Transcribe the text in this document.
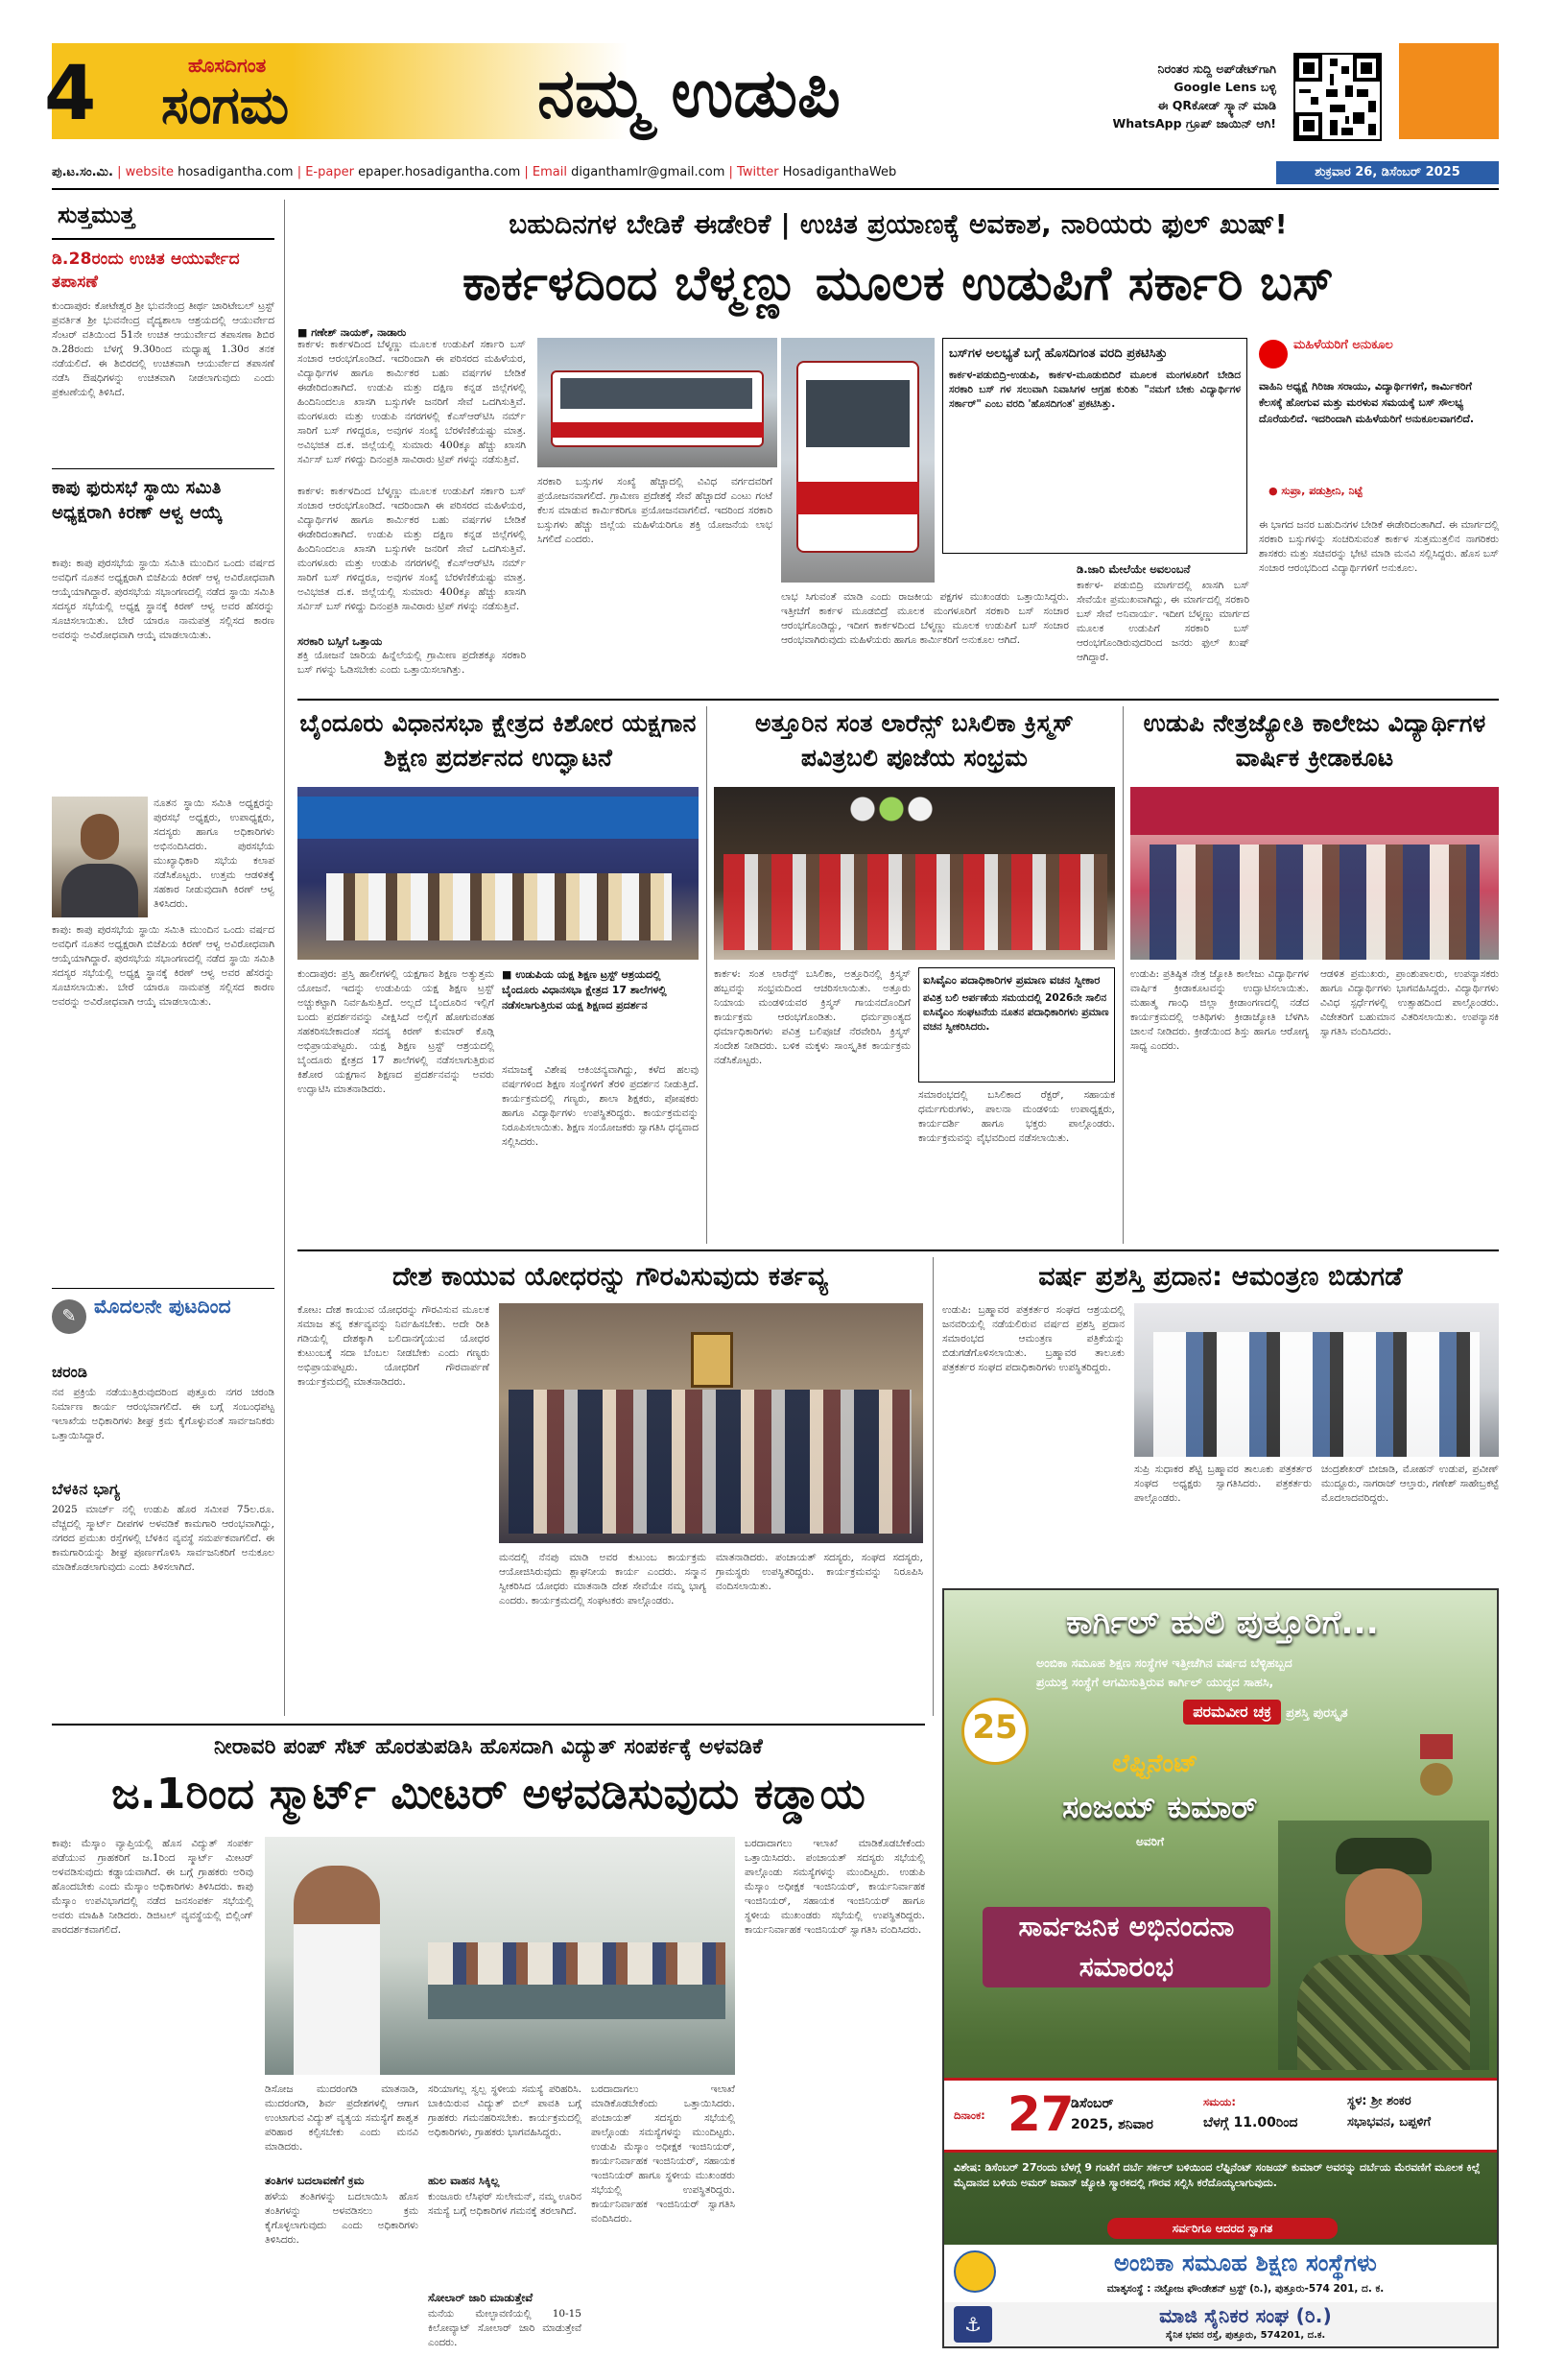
4	ಹೊಸದಿಗಂತ
ಸಂಗಮ	ನಮ್ಮ ಉಡುಪಿ	ನಿರಂತರ ಸುದ್ದಿ ಅಪ್‌ಡೇಟ್‌ಗಾಗಿ
Google Lens ಬಳ್ಳಿ
ಈ QRಕೋಡ್ ಸ್ಕ್ಯಾನ್ ಮಾಡಿ
WhatsApp ಗ್ರೂಪ್ ಜಾಯಿನ್ ಆಗಿ!
ಪು.ಟ.ಸಂ.ಮಿ. | website hosadigantha.com | E-paper epaper.hosadigantha.com | Email diganthamlr@gmail.com | Twitter HosadiganthaWeb	ಶುಕ್ರವಾರ 26, ಡಿಸೆಂಬರ್ 2025
ಸುತ್ತಮುತ್ತ
ಡಿ.28ರಂದು ಉಚಿತ ಆಯುರ್ವೇದ ತಪಾಸಣೆ
ಕುಂದಾಪುರ: ಕೋಟೇಶ್ವರ ಶ್ರೀ ಭುವನೇಂದ್ರ ತೀರ್ಥ ಚಾರಿಟೇಬಲ್ ಟ್ರಸ್ಟ್ ಪ್ರವರ್ತಿತ ಶ್ರೀ ಭುವನೇಂದ್ರ ವೈದ್ಯಶಾಲಾ ಆಶ್ರಯದಲ್ಲಿ ಆಯುರ್ವೇದ ಸೆಂಟರ್ ವತಿಯಿಂದ 51ನೇ ಉಚಿತ ಆಯುರ್ವೇದ ತಪಾಸಣಾ ಶಿಬಿರ ಡಿ.28ರಂದು ಬೆಳಗ್ಗೆ 9.30ರಿಂದ ಮಧ್ಯಾಹ್ನ 1.30ರ ತನಕ ನಡೆಯಲಿದೆ. ಈ ಶಿಬಿರದಲ್ಲಿ ಉಚಿತವಾಗಿ ಆಯುರ್ವೇದ ತಪಾಸಣೆ ನಡೆಸಿ ಔಷಧಿಗಳನ್ನು ಉಚಿತವಾಗಿ ನೀಡಲಾಗುವುದು ಎಂದು ಪ್ರಕಟಣೆಯಲ್ಲಿ ತಿಳಿಸಿದೆ.
ಕಾಪು ಫುರುಸಭೆ ಸ್ಥಾಯಿ ಸಮಿತಿ ಅಧ್ಯಕ್ಷರಾಗಿ ಕಿರಣ್ ಆಳ್ವ ಆಯ್ಕೆ
ಕಾಪು: ಕಾಪು ಪುರಸಭೆಯ ಸ್ಥಾಯಿ ಸಮಿತಿ ಮುಂದಿನ ಒಂದು ವರ್ಷದ ಅವಧಿಗೆ ನೂತನ ಅಧ್ಯಕ್ಷರಾಗಿ ಬಿಜೆಪಿಯ ಕಿರಣ್ ಆಳ್ವ ಅವಿರೋಧವಾಗಿ ಆಯ್ಕೆಯಾಗಿದ್ದಾರೆ. ಪುರಸಭೆಯ ಸಭಾಂಗಣದಲ್ಲಿ ನಡೆದ ಸ್ಥಾಯಿ ಸಮಿತಿ ಸದಸ್ಯರ ಸಭೆಯಲ್ಲಿ ಅಧ್ಯಕ್ಷ ಸ್ಥಾನಕ್ಕೆ ಕಿರಣ್ ಆಳ್ವ ಅವರ ಹೆಸರನ್ನು ಸೂಚಿಸಲಾಯಿತು. ಬೇರೆ ಯಾರೂ ನಾಮಪತ್ರ ಸಲ್ಲಿಸದ ಕಾರಣ ಅವರನ್ನು ಅವಿರೋಧವಾಗಿ ಆಯ್ಕೆ ಮಾಡಲಾಯಿತು.
ನೂತನ ಸ್ಥಾಯಿ ಸಮಿತಿ ಅಧ್ಯಕ್ಷರನ್ನು ಪುರಸಭೆ ಅಧ್ಯಕ್ಷರು, ಉಪಾಧ್ಯಕ್ಷರು, ಸದಸ್ಯರು ಹಾಗೂ ಅಧಿಕಾರಿಗಳು ಅಭಿನಂದಿಸಿದರು. ಪುರಸಭೆಯ ಮುಖ್ಯಾಧಿಕಾರಿ ಸಭೆಯ ಕಲಾಪ ನಡೆಸಿಕೊಟ್ಟರು. ಉತ್ತಮ ಆಡಳಿತಕ್ಕೆ ಸಹಕಾರ ನೀಡುವುದಾಗಿ ಕಿರಣ್ ಆಳ್ವ ತಿಳಿಸಿದರು.
ಕಾಪು: ಕಾಪು ಪುರಸಭೆಯ ಸ್ಥಾಯಿ ಸಮಿತಿ ಮುಂದಿನ ಒಂದು ವರ್ಷದ ಅವಧಿಗೆ ನೂತನ ಅಧ್ಯಕ್ಷರಾಗಿ ಬಿಜೆಪಿಯ ಕಿರಣ್ ಆಳ್ವ ಅವಿರೋಧವಾಗಿ ಆಯ್ಕೆಯಾಗಿದ್ದಾರೆ. ಪುರಸಭೆಯ ಸಭಾಂಗಣದಲ್ಲಿ ನಡೆದ ಸ್ಥಾಯಿ ಸಮಿತಿ ಸದಸ್ಯರ ಸಭೆಯಲ್ಲಿ ಅಧ್ಯಕ್ಷ ಸ್ಥಾನಕ್ಕೆ ಕಿರಣ್ ಆಳ್ವ ಅವರ ಹೆಸರನ್ನು ಸೂಚಿಸಲಾಯಿತು. ಬೇರೆ ಯಾರೂ ನಾಮಪತ್ರ ಸಲ್ಲಿಸದ ಕಾರಣ ಅವರನ್ನು ಅವಿರೋಧವಾಗಿ ಆಯ್ಕೆ ಮಾಡಲಾಯಿತು.
✎ ಮೊದಲನೇ ಪುಟದಿಂದ
ಚರಂಡಿ
ನವ ಪ್ರಕ್ರಿಯೆ ನಡೆಯುತ್ತಿರುವುದರಿಂದ ಪುತ್ತೂರು ನಗರ ಚರಂಡಿ ನಿರ್ಮಾಣ ಕಾರ್ಯ ಆರಂಭವಾಗಲಿದೆ. ಈ ಬಗ್ಗೆ ಸಂಬಂಧಪಟ್ಟ ಇಲಾಖೆಯ ಅಧಿಕಾರಿಗಳು ಶೀಘ್ರ ಕ್ರಮ ಕೈಗೊಳ್ಳುವಂತೆ ಸಾರ್ವಜನಿಕರು ಒತ್ತಾಯಿಸಿದ್ದಾರೆ.
ಬೆಳಕಿನ ಭಾಗ್ಯ
2025 ಮಾರ್ಚ್ ನಲ್ಲಿ ಉಡುಪಿ ಹೊರ ಸಮೀಪ 75ಲ.ರೂ. ವೆಚ್ಚದಲ್ಲಿ ಸ್ಮಾರ್ಟ್ ದೀಪಗಳ ಅಳವಡಿಕೆ ಕಾಮಗಾರಿ ಆರಂಭವಾಗಿದ್ದು, ನಗರದ ಪ್ರಮುಖ ರಸ್ತೆಗಳಲ್ಲಿ ಬೆಳಕಿನ ವ್ಯವಸ್ಥೆ ಸಮರ್ಪಕವಾಗಲಿದೆ. ಈ ಕಾಮಗಾರಿಯನ್ನು ಶೀಘ್ರ ಪೂರ್ಣಗೊಳಿಸಿ ಸಾರ್ವಜನಿಕರಿಗೆ ಅನುಕೂಲ ಮಾಡಿಕೊಡಲಾಗುವುದು ಎಂದು ತಿಳಿಸಲಾಗಿದೆ.
ಬಹುದಿನಗಳ ಬೇಡಿಕೆ ಈಡೇರಿಕೆ | ಉಚಿತ ಪ್ರಯಾಣಕ್ಕೆ ಅವಕಾಶ, ನಾರಿಯರು ಫುಲ್ ಖುಷ್!
ಕಾರ್ಕಳದಿಂದ ಬೆಳ್ಮಣ್ಣು ಮೂಲಕ ಉಡುಪಿಗೆ ಸರ್ಕಾರಿ ಬಸ್
■ ಗಣೇಶ್ ನಾಯಕ್, ನಾಡಾರು
KSRTC
ಬಸ್‌ಗಳ ಅಲಭ್ಯತೆ ಬಗ್ಗೆ ಹೊಸದಿಗಂತ ವರದಿ ಪ್ರಕಟಿಸಿತ್ತು
ಕಾರ್ಕಳ-ಪಡುಬಿದ್ರಿ-ಉಡುಪಿ, ಕಾರ್ಕಳ-ಮೂಡುಬಿದಿರೆ ಮೂಲಕ ಮಂಗಳೂರಿಗೆ ಬೇಡಿದ ಸರಕಾರಿ ಬಸ್ ಗಳ ಸಲುವಾಗಿ ನಿವಾಸಿಗಳ ಆಗ್ರಹ ಕುರಿತು "ನಮಗೆ ಬೇಕು ವಿದ್ಯಾರ್ಥಿಗಳ ಸರ್ಕಾರ್" ಎಂಬ ವರದಿ 'ಹೊಸದಿಗಂತ' ಪ್ರಕಟಿಸಿತ್ತು.
ಮಹಿಳೆಯರಿಗೆ ಅನುಕೂಲ
ವಾಹಿನಿ ಅಧ್ಯಕ್ಷೆ ಗಿರಿಜಾ ಸರಾಯು, ವಿದ್ಯಾರ್ಥಿಗಳಿಗೆ, ಕಾರ್ಮಿಕರಿಗೆ ಕೆಲಸಕ್ಕೆ ಹೋಗುವ ಮತ್ತು ಮರಳುವ ಸಮಯಕ್ಕೆ ಬಸ್ ಸೌಲಭ್ಯ ದೊರೆಯಲಿದೆ. ಇದರಿಂದಾಗಿ ಮಹಿಳೆಯರಿಗೆ ಅನುಕೂಲವಾಗಲಿದೆ.
● ಸುಪ್ರಾ, ಪಡುಶ್ರೀನಿ, ನಿಟ್ಟೆ
ಕಾರ್ಕಳ: ಕಾರ್ಕಳದಿಂದ ಬೆಳ್ಮಣ್ಣು ಮೂಲಕ ಉಡುಪಿಗೆ ಸರ್ಕಾರಿ ಬಸ್ ಸಂಚಾರ ಆರಂಭಗೊಂಡಿದೆ. ಇದರಿಂದಾಗಿ ಈ ಪರಿಸರದ ಮಹಿಳೆಯರ, ವಿದ್ಯಾರ್ಥಿಗಳ ಹಾಗೂ ಕಾರ್ಮಿಕರ ಬಹು ವರ್ಷಗಳ ಬೇಡಿಕೆ ಈಡೇರಿದಂತಾಗಿದೆ. ಉಡುಪಿ ಮತ್ತು ದಕ್ಷಿಣ ಕನ್ನಡ ಜಿಲ್ಲೆಗಳಲ್ಲಿ ಹಿಂದಿನಿಂದಲೂ ಖಾಸಗಿ ಬಸ್ಸುಗಳೇ ಜನರಿಗೆ ಸೇವೆ ಒದಗಿಸುತ್ತಿವೆ. ಮಂಗಳೂರು ಮತ್ತು ಉಡುಪಿ ನಗರಗಳಲ್ಲಿ ಕೆಎಸ್‌ಆರ್‌ಟಿಸಿ ನರ್ಮ್ ಸಾರಿಗೆ ಬಸ್ ಗಳಿದ್ದರೂ, ಅವುಗಳ ಸಂಖ್ಯೆ ಬೆರಳೆಣಿಕೆಯಷ್ಟು ಮಾತ್ರ. ಅವಿಭಜಿತ ದ.ಕ. ಜಿಲ್ಲೆಯಲ್ಲಿ ಸುಮಾರು 400ಕ್ಕೂ ಹೆಚ್ಚು ಖಾಸಗಿ ಸರ್ವಿಸ್ ಬಸ್ ಗಳಿದ್ದು ದಿನಂಪ್ರತಿ ಸಾವಿರಾರು ಟ್ರಿಪ್ ಗಳನ್ನು ನಡೆಸುತ್ತಿವೆ.
ಸರಕಾರಿ ಬಸ್ಸಿಗೆ ಒತ್ತಾಯ
ಶಕ್ತಿ ಯೋಜನೆ ಜಾರಿಯ ಹಿನ್ನೆಲೆಯಲ್ಲಿ ಗ್ರಾಮೀಣ ಪ್ರದೇಶಕ್ಕೂ ಸರಕಾರಿ ಬಸ್ ಗಳನ್ನು ಓಡಿಸಬೇಕು ಎಂದು ಒತ್ತಾಯಿಸಲಾಗಿತ್ತು.
ಕಾರ್ಕಳ: ಕಾರ್ಕಳದಿಂದ ಬೆಳ್ಮಣ್ಣು ಮೂಲಕ ಉಡುಪಿಗೆ ಸರ್ಕಾರಿ ಬಸ್ ಸಂಚಾರ ಆರಂಭಗೊಂಡಿದೆ. ಇದರಿಂದಾಗಿ ಈ ಪರಿಸರದ ಮಹಿಳೆಯರ, ವಿದ್ಯಾರ್ಥಿಗಳ ಹಾಗೂ ಕಾರ್ಮಿಕರ ಬಹು ವರ್ಷಗಳ ಬೇಡಿಕೆ ಈಡೇರಿದಂತಾಗಿದೆ. ಉಡುಪಿ ಮತ್ತು ದಕ್ಷಿಣ ಕನ್ನಡ ಜಿಲ್ಲೆಗಳಲ್ಲಿ ಹಿಂದಿನಿಂದಲೂ ಖಾಸಗಿ ಬಸ್ಸುಗಳೇ ಜನರಿಗೆ ಸೇವೆ ಒದಗಿಸುತ್ತಿವೆ. ಮಂಗಳೂರು ಮತ್ತು ಉಡುಪಿ ನಗರಗಳಲ್ಲಿ ಕೆಎಸ್‌ಆರ್‌ಟಿಸಿ ನರ್ಮ್ ಸಾರಿಗೆ ಬಸ್ ಗಳಿದ್ದರೂ, ಅವುಗಳ ಸಂಖ್ಯೆ ಬೆರಳೆಣಿಕೆಯಷ್ಟು ಮಾತ್ರ. ಅವಿಭಜಿತ ದ.ಕ. ಜಿಲ್ಲೆಯಲ್ಲಿ ಸುಮಾರು 400ಕ್ಕೂ ಹೆಚ್ಚು ಖಾಸಗಿ ಸರ್ವಿಸ್ ಬಸ್ ಗಳಿದ್ದು ದಿನಂಪ್ರತಿ ಸಾವಿರಾರು ಟ್ರಿಪ್ ಗಳನ್ನು ನಡೆಸುತ್ತಿವೆ.
ಸರಕಾರಿ ಬಸ್ಸುಗಳ ಸಂಖ್ಯೆ ಹೆಚ್ಚಾದಲ್ಲಿ ವಿವಿಧ ವರ್ಗದವರಿಗೆ ಪ್ರಯೋಜನವಾಗಲಿದೆ. ಗ್ರಾಮೀಣ ಪ್ರದೇಶಕ್ಕೆ ಸೇವೆ ಹೆಚ್ಚಾದರೆ ಎಂಟು ಗಂಟೆ ಕೆಲಸ ಮಾಡುವ ಕಾರ್ಮಿಕರಿಗೂ ಪ್ರಯೋಜನವಾಗಲಿದೆ. ಇದರಿಂದ ಸರಕಾರಿ ಬಸ್ಸುಗಳು ಹೆಚ್ಚು ಜಿಲ್ಲೆಯ ಮಹಿಳೆಯರಿಗೂ ಶಕ್ತಿ ಯೋಜನೆಯ ಲಾಭ ಸಿಗಲಿದೆ ಎಂದರು.
ಲಾಭ ಸಿಗುವಂತೆ ಮಾಡಿ ಎಂದು ರಾಜಕೀಯ ಪಕ್ಷಗಳ ಮುಖಂಡರು ಒತ್ತಾಯಿಸಿದ್ದರು. ಇತ್ತೀಚೆಗೆ ಕಾರ್ಕಳ ಮೂಡಬಿದ್ರೆ ಮೂಲಕ ಮಂಗಳೂರಿಗೆ ಸರಕಾರಿ ಬಸ್ ಸಂಚಾರ ಆರಂಭಗೊಂಡಿದ್ದು, ಇದೀಗ ಕಾರ್ಕಳದಿಂದ ಬೆಳ್ಮಣ್ಣು ಮೂಲಕ ಉಡುಪಿಗೆ ಬಸ್ ಸಂಚಾರ ಆರಂಭವಾಗಿರುವುದು ಮಹಿಳೆಯರು ಹಾಗೂ ಕಾರ್ಮಿಕರಿಗೆ ಅನುಕೂಲ ಆಗಿದೆ.
ಡಿ.ಜಾರಿ ಮೇಲೆಯೇ ಅವಲಂಬನೆ
ಕಾರ್ಕಳ- ಪಡುಬಿದ್ರಿ ಮಾರ್ಗದಲ್ಲಿ ಖಾಸಗಿ ಬಸ್ ಸೇವೆಯೇ ಪ್ರಮುಖವಾಗಿದ್ದು, ಈ ಮಾರ್ಗದಲ್ಲಿ ಸರಕಾರಿ ಬಸ್ ಸೇವೆ ಅನಿವಾರ್ಯ. ಇದೀಗ ಬೆಳ್ಮಣ್ಣು ಮಾರ್ಗದ ಮೂಲಕ ಉಡುಪಿಗೆ ಸರಕಾರಿ ಬಸ್ ಆರಂಭಗೊಂಡಿರುವುದರಿಂದ ಜನರು ಫುಲ್ ಖುಷ್ ಆಗಿದ್ದಾರೆ.
ಈ ಭಾಗದ ಜನರ ಬಹುದಿನಗಳ ಬೇಡಿಕೆ ಈಡೇರಿದಂತಾಗಿದೆ. ಈ ಮಾರ್ಗದಲ್ಲಿ ಸರಕಾರಿ ಬಸ್ಸುಗಳನ್ನು ಸಂಚರಿಸುವಂತೆ ಕಾರ್ಕಳ ಸುತ್ತಮುತ್ತಲಿನ ನಾಗರಿಕರು ಶಾಸಕರು ಮತ್ತು ಸಚಿವರನ್ನು ಭೇಟಿ ಮಾಡಿ ಮನವಿ ಸಲ್ಲಿಸಿದ್ದರು. ಹೊಸ ಬಸ್ ಸಂಚಾರ ಆರಂಭದಿಂದ ವಿದ್ಯಾರ್ಥಿಗಳಿಗೆ ಅನುಕೂಲ.
ಬೈಂದೂರು ವಿಧಾನಸಭಾ ಕ್ಷೇತ್ರದ ಕಿಶೋರ ಯಕ್ಷಗಾನ ಶಿಕ್ಷಣ ಪ್ರದರ್ಶನದ ಉದ್ಘಾಟನೆ
ಕುಂದಾಪುರ: ಪ್ರಸ್ತಿ ಹಾಲೀಗಳಲ್ಲಿ ಯಕ್ಷಗಾನ ಶಿಕ್ಷಣ ಅತ್ಯುತ್ತಮ ಯೋಜನೆ. ಇದನ್ನು ಉಡುಪಿಯ ಯಕ್ಷ ಶಿಕ್ಷಣ ಟ್ರಸ್ಟ್ ಅಚ್ಚುಕಟ್ಟಾಗಿ ನಿರ್ವಹಿಸುತ್ತಿದೆ. ಅಲ್ಲದೆ ಬೈಂದೂರಿನ ಇಲ್ಲಿಗೆ ಬಂದು ಪ್ರದರ್ಶನವನ್ನು ವೀಕ್ಷಿಸಿದೆ ಅಲ್ಲಿಗೆ ಹೋಗುವಂತಹ ಸಹಕರಿಸಬೇಕಾದಂತೆ ಸದಸ್ಯ ಕಿರಣ್ ಕುಮಾರ್ ಕೊಡ್ಗಿ ಅಭಿಪ್ರಾಯಪಟ್ಟರು. ಯಕ್ಷ ಶಿಕ್ಷಣ ಟ್ರಸ್ಟ್ ಆಶ್ರಯದಲ್ಲಿ ಬೈಂದೂರು ಕ್ಷೇತ್ರದ 17 ಶಾಲೆಗಳಲ್ಲಿ ನಡೆಸಲಾಗುತ್ತಿರುವ ಕಿಶೋರ ಯಕ್ಷಗಾನ ಶಿಕ್ಷಣದ ಪ್ರದರ್ಶನವನ್ನು ಅವರು ಉದ್ಘಾಟಿಸಿ ಮಾತನಾಡಿದರು.
■ ಉಡುಪಿಯ ಯಕ್ಷ ಶಿಕ್ಷಣ ಟ್ರಸ್ಟ್ ಆಶ್ರಯದಲ್ಲಿ ಬೈಂದೂರು ವಿಧಾನಸಭಾ ಕ್ಷೇತ್ರದ 17 ಶಾಲೆಗಳಲ್ಲಿ ನಡೆಸಲಾಗುತ್ತಿರುವ ಯಕ್ಷ ಶಿಕ್ಷಣದ ಪ್ರದರ್ಶನ
ಸಮಾಜಕ್ಕೆ ವಿಶೇಷ ಆಕಿಂಚನ್ಯವಾಗಿದ್ದು, ಕಳೆದ ಹಲವು ವರ್ಷಗಳಿಂದ ಶಿಕ್ಷಣ ಸಂಸ್ಥೆಗಳಿಗೆ ತೆರಳಿ ಪ್ರದರ್ಶನ ನೀಡುತ್ತಿದೆ. ಕಾರ್ಯಕ್ರಮದಲ್ಲಿ ಗಣ್ಯರು, ಶಾಲಾ ಶಿಕ್ಷಕರು, ಪೋಷಕರು ಹಾಗೂ ವಿದ್ಯಾರ್ಥಿಗಳು ಉಪಸ್ಥಿತರಿದ್ದರು. ಕಾರ್ಯಕ್ರಮವನ್ನು ನಿರೂಪಿಸಲಾಯಿತು. ಶಿಕ್ಷಣ ಸಂಯೋಜಕರು ಸ್ವಾಗತಿಸಿ ಧನ್ಯವಾದ ಸಲ್ಲಿಸಿದರು.
ಅತ್ತೂರಿನ ಸಂತ ಲಾರೆನ್ಸ್ ಬಸಿಲಿಕಾ ಕ್ರಿಸ್ಮಸ್ ಪವಿತ್ರಬಲಿ ಪೂಜೆಯ ಸಂಭ್ರಮ
ಕಾರ್ಕಳ: ಸಂತ ಲಾರೆನ್ಸ್ ಬಸಿಲಿಕಾ, ಅತ್ತೂರಿನಲ್ಲಿ ಕ್ರಿಸ್ಮಸ್ ಹಬ್ಬವನ್ನು ಸಂಭ್ರಮದಿಂದ ಆಚರಿಸಲಾಯಿತು. ಅತ್ತೂರು ನಿಯಾಯ ಮಂಡಳಿಯವರ ಕ್ರಿಸ್ಮಸ್ ಗಾಯನದೊಂದಿಗೆ ಕಾರ್ಯಕ್ರಮ ಆರಂಭಗೊಂಡಿತು. ಧರ್ಮಪ್ರಾಂತ್ಯದ ಧರ್ಮಾಧಿಕಾರಿಗಳು ಪವಿತ್ರ ಬಲಿಪೂಜೆ ನೆರವೇರಿಸಿ ಕ್ರಿಸ್ಮಸ್ ಸಂದೇಶ ನೀಡಿದರು. ಬಳಿಕ ಮಕ್ಕಳು ಸಾಂಸ್ಕೃತಿಕ ಕಾರ್ಯಕ್ರಮ ನಡೆಸಿಕೊಟ್ಟರು.
ಐಸಿವೈಎಂ ಪದಾಧಿಕಾರಿಗಳ ಪ್ರಮಾಣ ವಚನ ಸ್ವೀಕಾರ
ಪವಿತ್ರ ಬಲಿ ಅರ್ಪಣೆಯ ಸಮಯದಲ್ಲಿ 2026ನೇ ಸಾಲಿನ ಐಸಿವೈಎಂ ಸಂಘಟನೆಯ ನೂತನ ಪದಾಧಿಕಾರಿಗಳು ಪ್ರಮಾಣ ವಚನ ಸ್ವೀಕರಿಸಿದರು.
ಸಮಾರಂಭದಲ್ಲಿ ಬಸಿಲಿಕಾದ ರೆಕ್ಟರ್, ಸಹಾಯಕ ಧರ್ಮಗುರುಗಳು, ಪಾಲನಾ ಮಂಡಳಿಯ ಉಪಾಧ್ಯಕ್ಷರು, ಕಾರ್ಯದರ್ಶಿ ಹಾಗೂ ಭಕ್ತರು ಪಾಲ್ಗೊಂಡರು. ಕಾರ್ಯಕ್ರಮವನ್ನು ವೈಭವದಿಂದ ನಡೆಸಲಾಯಿತು.
ಉಡುಪಿ ನೇತ್ರಜ್ಯೋತಿ ಕಾಲೇಜು ವಿದ್ಯಾರ್ಥಿಗಳ ವಾರ್ಷಿಕ ಕ್ರೀಡಾಕೂಟ
ಉಡುಪಿ: ಪ್ರತಿಷ್ಠಿತ ನೇತ್ರ ಜ್ಯೋತಿ ಕಾಲೇಜು ವಿದ್ಯಾರ್ಥಿಗಳ ವಾರ್ಷಿಕ ಕ್ರೀಡಾಕೂಟವನ್ನು ಉದ್ಘಾಟಿಸಲಾಯಿತು. ಮಹಾತ್ಮ ಗಾಂಧಿ ಜಿಲ್ಲಾ ಕ್ರೀಡಾಂಗಣದಲ್ಲಿ ನಡೆದ ಕಾರ್ಯಕ್ರಮದಲ್ಲಿ ಅತಿಥಿಗಳು ಕ್ರೀಡಾಜ್ಯೋತಿ ಬೆಳಗಿಸಿ ಚಾಲನೆ ನೀಡಿದರು. ಕ್ರೀಡೆಯಿಂದ ಶಿಸ್ತು ಹಾಗೂ ಆರೋಗ್ಯ ಸಾಧ್ಯ ಎಂದರು.
ಆಡಳಿತ ಪ್ರಮುಖರು, ಪ್ರಾಂಶುಪಾಲರು, ಉಪನ್ಯಾಸಕರು ಹಾಗೂ ವಿದ್ಯಾರ್ಥಿಗಳು ಭಾಗವಹಿಸಿದ್ದರು. ವಿದ್ಯಾರ್ಥಿಗಳು ವಿವಿಧ ಸ್ಪರ್ಧೆಗಳಲ್ಲಿ ಉತ್ಸಾಹದಿಂದ ಪಾಲ್ಗೊಂಡರು. ವಿಜೇತರಿಗೆ ಬಹುಮಾನ ವಿತರಿಸಲಾಯಿತು. ಉಪನ್ಯಾಸಕಿ ಸ್ವಾಗತಿಸಿ ವಂದಿಸಿದರು.
ದೇಶ ಕಾಯುವ ಯೋಧರನ್ನು ಗೌರವಿಸುವುದು ಕರ್ತವ್ಯ
ಕೋಟ: ದೇಶ ಕಾಯುವ ಯೋಧರನ್ನು ಗೌರವಿಸುವ ಮೂಲಕ ಸಮಾಜ ತನ್ನ ಕರ್ತವ್ಯವನ್ನು ನಿರ್ವಹಿಸಬೇಕು. ಅದೇ ರೀತಿ ಗಡಿಯಲ್ಲಿ ದೇಶಕ್ಕಾಗಿ ಬಲಿದಾನಗೈಯುವ ಯೋಧರ ಕುಟುಂಬಕ್ಕೆ ಸದಾ ಬೆಂಬಲ ನೀಡಬೇಕು ಎಂದು ಗಣ್ಯರು ಅಭಿಪ್ರಾಯಪಟ್ಟರು. ಯೋಧರಿಗೆ ಗೌರವಾರ್ಪಣೆ ಕಾರ್ಯಕ್ರಮದಲ್ಲಿ ಮಾತನಾಡಿದರು.
ಮನದಲ್ಲಿ ನೆನಪು ಮಾಡಿ ಅವರ ಕುಟುಂಬ ಕಾರ್ಯಕ್ರಮ ಆಯೋಜಿಸಿರುವುದು ಶ್ಲಾಘನೀಯ ಕಾರ್ಯ ಎಂದರು. ಸನ್ಮಾನ ಸ್ವೀಕರಿಸಿದ ಯೋಧರು ಮಾತನಾಡಿ ದೇಶ ಸೇವೆಯೇ ನಮ್ಮ ಭಾಗ್ಯ ಎಂದರು. ಕಾರ್ಯಕ್ರಮದಲ್ಲಿ ಸಂಘಟಕರು ಪಾಲ್ಗೊಂಡರು.
ಮಾತನಾಡಿದರು. ಪಂಚಾಯತ್ ಸದಸ್ಯರು, ಸಂಘದ ಸದಸ್ಯರು, ಗ್ರಾಮಸ್ಥರು ಉಪಸ್ಥಿತರಿದ್ದರು. ಕಾರ್ಯಕ್ರಮವನ್ನು ನಿರೂಪಿಸಿ ವಂದಿಸಲಾಯಿತು.
ವರ್ಷ ಪ್ರಶಸ್ತಿ ಪ್ರದಾನ: ಆಮಂತ್ರಣ ಬಿಡುಗಡೆ
ಉಡುಪಿ: ಬ್ರಹ್ಮಾವರ ಪತ್ರಕರ್ತರ ಸಂಘದ ಆಶ್ರಯದಲ್ಲಿ ಜನವರಿಯಲ್ಲಿ ನಡೆಯಲಿರುವ ವರ್ಷದ ಪ್ರಶಸ್ತಿ ಪ್ರದಾನ ಸಮಾರಂಭದ ಆಮಂತ್ರಣ ಪತ್ರಿಕೆಯನ್ನು ಬಿಡುಗಡೆಗೊಳಿಸಲಾಯಿತು. ಬ್ರಹ್ಮಾವರ ತಾಲೂಕು ಪತ್ರಕರ್ತರ ಸಂಘದ ಪದಾಧಿಕಾರಿಗಳು ಉಪಸ್ಥಿತರಿದ್ದರು.
ಸುಪ್ರಿ ಸುಧಾಕರ ಶೆಟ್ಟಿ ಬ್ರಹ್ಮಾವರ ತಾಲೂಕು ಪತ್ರಕರ್ತರ ಸಂಘದ ಅಧ್ಯಕ್ಷರು ಸ್ವಾಗತಿಸಿದರು. ಪತ್ರಕರ್ತರು ಪಾಲ್ಗೊಂಡರು.
ಚಂದ್ರಶೇಖರ್ ಬೀಜಾಡಿ, ಮೋಹನ್ ಉಡುಪ, ಪ್ರವೀಣ್ ಮುದ್ದೂರು, ನಾಗರಾಜ್ ಆಲ್ತಾರು, ಗಣೇಶ್ ಸಾಹೇಬ್ರಕಟ್ಟೆ ಮೊದಲಾದವರಿದ್ದರು.
ಕಾರ್ಗಿಲ್ ಹುಲಿ ಪುತ್ತೂರಿಗೆ...
ಅಂಬಿಕಾ ಸಮೂಹ ಶಿಕ್ಷಣ ಸಂಸ್ಥೆಗಳ ಇತ್ತೀಚೆಗಿನ ವರ್ಷದ ಬೆಳ್ಳಿಹಬ್ಬದ
ಪ್ರಯುಕ್ತ ಸಂಸ್ಥೆಗೆ ಆಗಮಿಸುತ್ತಿರುವ ಕಾರ್ಗಿಲ್ ಯುದ್ಧದ ಸಾಹಸಿ,
25	ಪರಮವೀರ ಚಕ್ರ ಪ್ರಶಸ್ತಿ ಪುರಸ್ಕೃತ
ಲೆಫ್ಟಿನೆಂಟ್
ಸಂಜಯ್ ಕುಮಾರ್
ಅವರಿಗೆ
ಸಾರ್ವಜನಿಕ ಅಭಿನಂದನಾ ಸಮಾರಂಭ
ದಿನಾಂಕ: 27
ಡಿಸೆಂಬರ್
2025, ಶನಿವಾರ
ಸಮಯ:
ಬೆಳಗ್ಗೆ 11.00ರಿಂದ
ಸ್ಥಳ: ಶ್ರೀ ಶಂಕರ
ಸಭಾಭವನ, ಬಪ್ಪಳಿಗೆ
ವಿಶೇಷ: ಡಿಸೆಂಬರ್ 27ರಂದು ಬೆಳಗ್ಗೆ 9 ಗಂಟೆಗೆ ದರ್ಬೆ ಸರ್ಕಲ್ ಬಳಿಯಿಂದ ಲೆಫ್ಟಿನೆಂಟ್ ಸಂಜಯ್ ಕುಮಾರ್ ಅವರನ್ನು ದರ್ಬೆಯ ಮೆರವಣಿಗೆ ಮೂಲಕ ಕಿಲ್ಲೆ ಮೈದಾನದ ಬಳಿಯ ಅಮರ್ ಜವಾನ್ ಜ್ಯೋತಿ ಸ್ಮಾರಕದಲ್ಲಿ ಗೌರವ ಸಲ್ಲಿಸಿ ಕರೆದೊಯ್ಯಲಾಗುವುದು.
ಸರ್ವರಿಗೂ ಆದರದ ಸ್ವಾಗತ
ಅಂಬಿಕಾ ಸಮೂಹ ಶಿಕ್ಷಣ ಸಂಸ್ಥೆಗಳು
ಮಾತೃಸಂಸ್ಥೆ : ನಟ್ಟೋಜ ಫೌಂಡೇಶನ್ ಟ್ರಸ್ಟ್ (ರಿ.), ಪುತ್ತೂರು-574 201, ದ. ಕ.
⚓	ಮಾಜಿ ಸೈನಿಕರ ಸಂಘ (ರಿ.)
ಸೈನಿಕ ಭವನ ರಸ್ತೆ, ಪುತ್ತೂರು, 574201, ದ.ಕ.
ನೀರಾವರಿ ಪಂಪ್ ಸೆಟ್ ಹೊರತುಪಡಿಸಿ ಹೊಸದಾಗಿ ವಿದ್ಯುತ್ ಸಂಪರ್ಕಕ್ಕೆ ಅಳವಡಿಕೆ
ಜ.1ರಿಂದ ಸ್ಮಾರ್ಟ್ ಮೀಟರ್ ಅಳವಡಿಸುವುದು ಕಡ್ಡಾಯ
ಕಾಪು: ಮೆಸ್ಕಾಂ ವ್ಯಾಪ್ತಿಯಲ್ಲಿ ಹೊಸ ವಿದ್ಯುತ್ ಸಂಪರ್ಕ ಪಡೆಯುವ ಗ್ರಾಹಕರಿಗೆ ಜ.1ರಿಂದ ಸ್ಮಾರ್ಟ್ ಮೀಟರ್ ಅಳವಡಿಸುವುದು ಕಡ್ಡಾಯವಾಗಿದೆ. ಈ ಬಗ್ಗೆ ಗ್ರಾಹಕರು ಅರಿವು ಹೊಂದಬೇಕು ಎಂದು ಮೆಸ್ಕಾಂ ಅಧಿಕಾರಿಗಳು ತಿಳಿಸಿದರು. ಕಾಪು ಮೆಸ್ಕಾಂ ಉಪವಿಭಾಗದಲ್ಲಿ ನಡೆದ ಜನಸಂಪರ್ಕ ಸಭೆಯಲ್ಲಿ ಅವರು ಮಾಹಿತಿ ನೀಡಿದರು. ಡಿಜಿಟಲ್ ವ್ಯವಸ್ಥೆಯಲ್ಲಿ ಬಿಲ್ಲಿಂಗ್ ಪಾರದರ್ಶಕವಾಗಲಿದೆ.
ಡಿಸೋಜ ಮುದರಂಗಡಿ ಮಾತನಾಡಿ, ಮುದರಂಗಡಿ, ಶಿರ್ವ ಪ್ರದೇಶಗಳಲ್ಲಿ ಆಗಾಗ ಉಂಟಾಗುವ ವಿದ್ಯುತ್ ವ್ಯತ್ಯಯ ಸಮಸ್ಯೆಗೆ ಶಾಶ್ವತ ಪರಿಹಾರ ಕಲ್ಪಿಸಬೇಕು ಎಂದು ಮನವಿ ಮಾಡಿದರು.
ತಂತಿಗಳ ಬದಲಾವಣೆಗೆ ಕ್ರಮ
ಹಳೆಯ ತಂತಿಗಳನ್ನು ಬದಲಾಯಿಸಿ ಹೊಸ ತಂತಿಗಳನ್ನು ಅಳವಡಿಸಲು ಕ್ರಮ ಕೈಗೊಳ್ಳಲಾಗುವುದು ಎಂದು ಅಧಿಕಾರಿಗಳು ತಿಳಿಸಿದರು.
ಸರಿಯಾಗಲ್ಲ ಸ್ವಲ್ಪ ಸ್ಥಳೀಯ ಸಮಸ್ಯೆ ಪರಿಹರಿಸಿ. ಬಾಕಿಯಿರುವ ವಿದ್ಯುತ್ ಬಿಲ್ ಪಾವತಿ ಬಗ್ಗೆ ಗ್ರಾಹಕರು ಗಮನಹರಿಸಬೇಕು. ಕಾರ್ಯಕ್ರಮದಲ್ಲಿ ಅಧಿಕಾರಿಗಳು, ಗ್ರಾಹಕರು ಭಾಗವಹಿಸಿದ್ದರು.
ಹುಲ ವಾಹನ ಸಿಕ್ಕಿಲ್ಲ
ಕುಂಜೂರು ಲೆಸಿಫರ್ ಸುಲೇಮನ್, ನಮ್ಮ ಊರಿನ ಸಮಸ್ಯೆ ಬಗ್ಗೆ ಅಧಿಕಾರಿಗಳ ಗಮನಕ್ಕೆ ತರಲಾಗಿದೆ.
ಸೋಲಾರ್ ಜಾರಿ ಮಾಡುತ್ತೇವೆ
ಮನೆಯ ಮೇಲ್ಛಾವಣಿಯಲ್ಲಿ 10-15 ಕಿಲೋವ್ಯಾಟ್ ಸೋಲಾರ್ ಜಾರಿ ಮಾಡುತ್ತೇವೆ ಎಂದರು.
ಬರದಾದಾಗಲು ಇಲಾಖೆ ಮಾಡಿಕೊಡಬೇಕೆಂದು ಒತ್ತಾಯಿಸಿದರು. ಪಂಚಾಯತ್ ಸದಸ್ಯರು ಸಭೆಯಲ್ಲಿ ಪಾಲ್ಗೊಂಡು ಸಮಸ್ಯೆಗಳನ್ನು ಮುಂದಿಟ್ಟರು. ಉಡುಪಿ ಮೆಸ್ಕಾಂ ಅಧೀಕ್ಷಕ ಇಂಜಿನಿಯರ್, ಕಾರ್ಯನಿರ್ವಾಹಕ ಇಂಜಿನಿಯರ್, ಸಹಾಯಕ ಇಂಜಿನಿಯರ್ ಹಾಗೂ ಸ್ಥಳೀಯ ಮುಖಂಡರು ಸಭೆಯಲ್ಲಿ ಉಪಸ್ಥಿತರಿದ್ದರು. ಕಾರ್ಯನಿರ್ವಾಹಕ ಇಂಜಿನಿಯರ್ ಸ್ವಾಗತಿಸಿ ವಂದಿಸಿದರು.
ಬರದಾದಾಗಲು ಇಲಾಖೆ ಮಾಡಿಕೊಡಬೇಕೆಂದು ಒತ್ತಾಯಿಸಿದರು. ಪಂಚಾಯತ್ ಸದಸ್ಯರು ಸಭೆಯಲ್ಲಿ ಪಾಲ್ಗೊಂಡು ಸಮಸ್ಯೆಗಳನ್ನು ಮುಂದಿಟ್ಟರು. ಉಡುಪಿ ಮೆಸ್ಕಾಂ ಅಧೀಕ್ಷಕ ಇಂಜಿನಿಯರ್, ಕಾರ್ಯನಿರ್ವಾಹಕ ಇಂಜಿನಿಯರ್, ಸಹಾಯಕ ಇಂಜಿನಿಯರ್ ಹಾಗೂ ಸ್ಥಳೀಯ ಮುಖಂಡರು ಸಭೆಯಲ್ಲಿ ಉಪಸ್ಥಿತರಿದ್ದರು. ಕಾರ್ಯನಿರ್ವಾಹಕ ಇಂಜಿನಿಯರ್ ಸ್ವಾಗತಿಸಿ ವಂದಿಸಿದರು.
